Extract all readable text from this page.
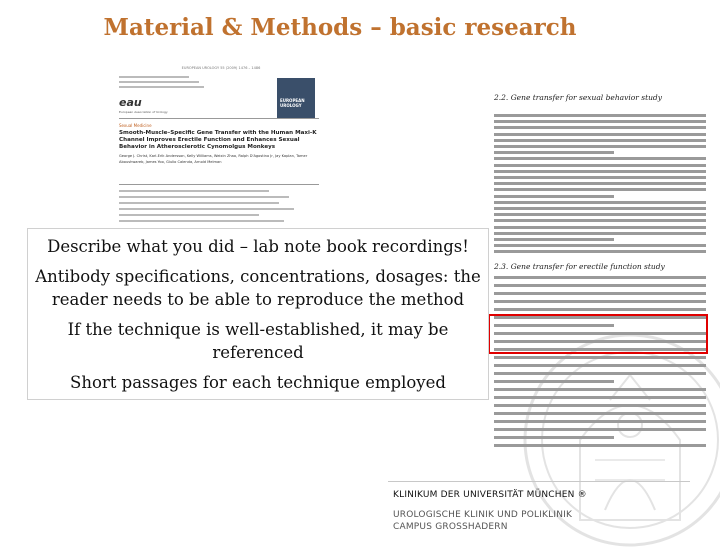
Material & Methods – basic research
EUROPEAN UROLOGY 55 (2009) 1476 – 1486
EUROPEAN UROLOGY
eau
European Association of Urology
Sexual Medicine
Smooth-Muscle–Specific Gene Transfer with the Human Maxi-K Channel Improves Erectile Function and Enhances Sexual Behavior in Atherosclerotic Cynomolgus Monkeys
George J. Christ, Karl-Erik Andersson, Kelly Williams, Weixin Zhao, Ralph D'Agostino Jr, Jay Kaplan, Tamer Aboushwareb, James Yoo, Giulio Calenda, Arnold Melman
2.2. Gene transfer for sexual behavior study
2.3. Gene transfer for erectile function study
Describe what you did – lab note book recordings!
Antibody specifications, concentrations, dosages: the reader needs to be able to reproduce the method
If the technique is well-established, it may be referenced
Short passages for each technique employed
KLINIKUM DER UNIVERSITÄT MÜNCHEN ®
UROLOGISCHE KLINIK UND POLIKLINIK
CAMPUS GROSSHADERN
